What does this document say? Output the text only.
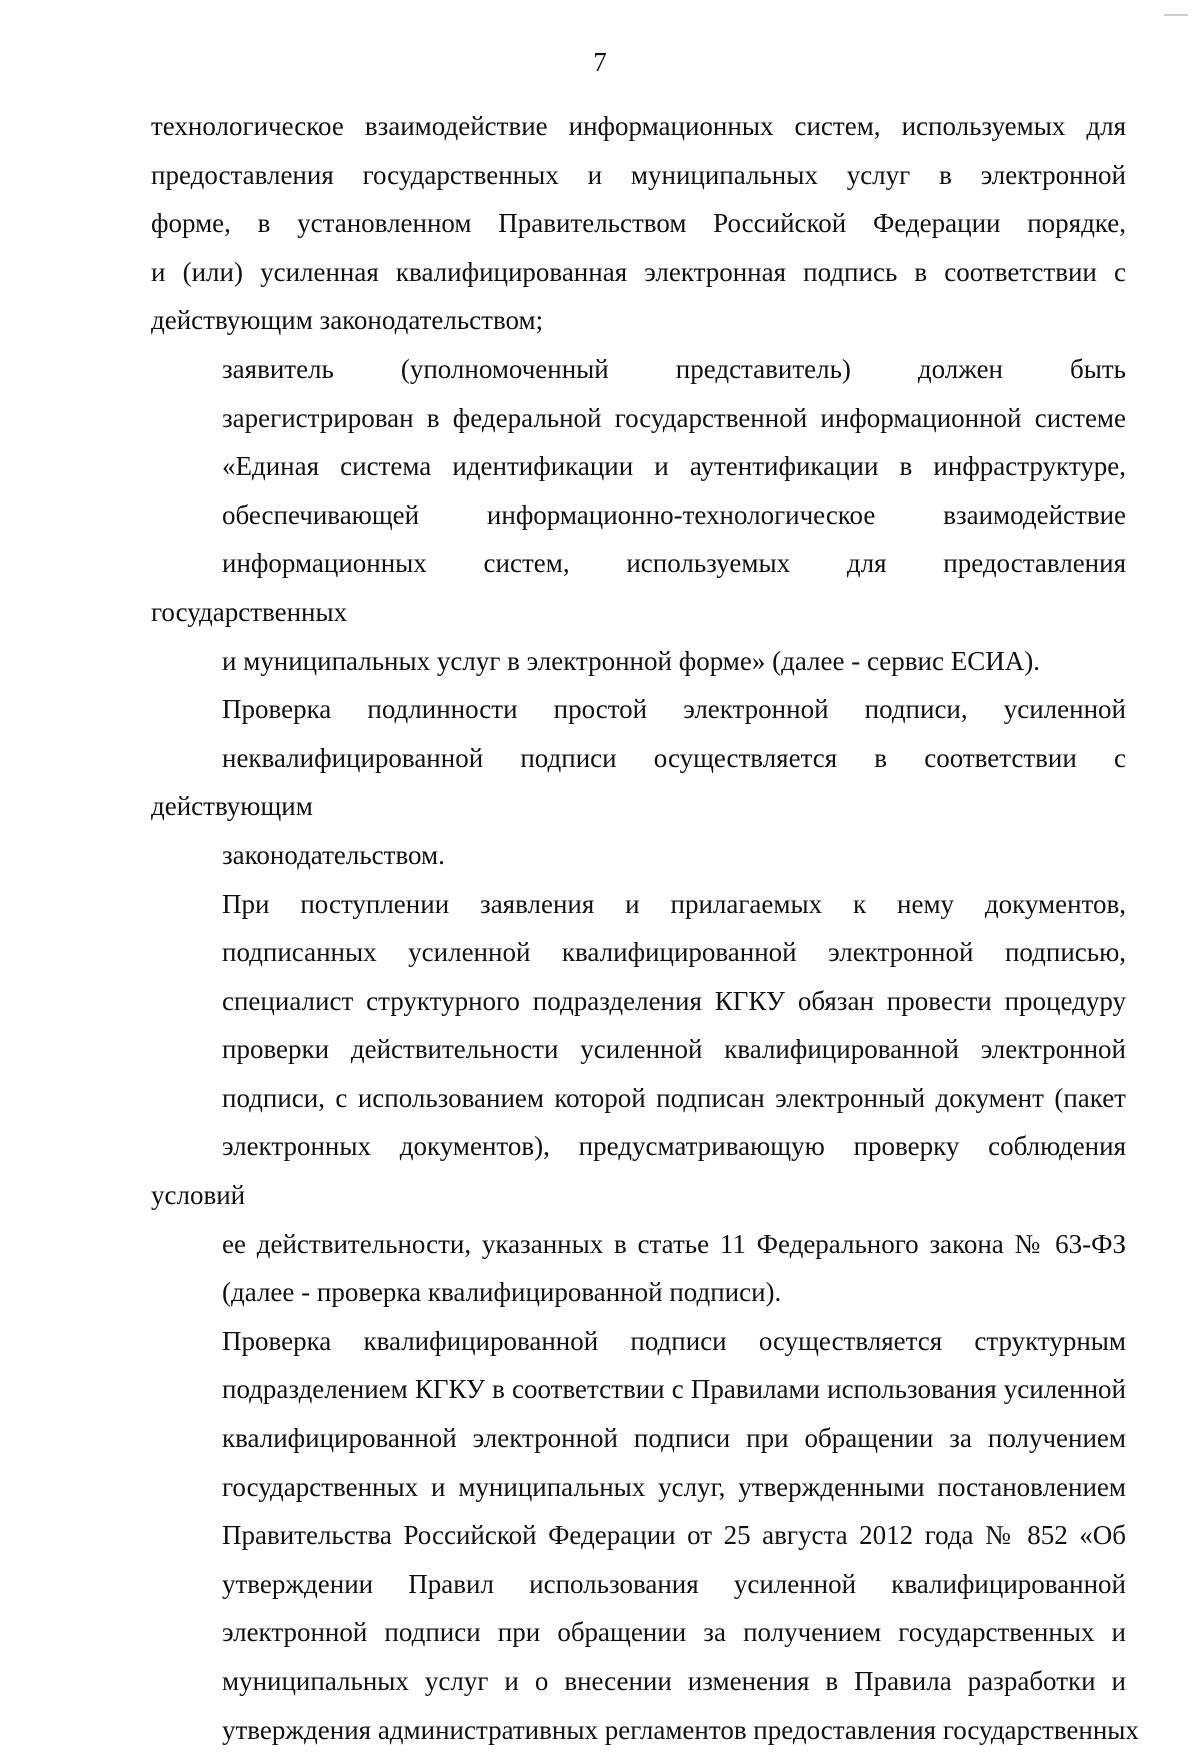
7

технологическое взаимодействие информационных систем, используемых для
предоставления государственных и муниципальных услуг в электронной
форме, в установленном Правительством Российской Федерации порядке,
и (или) усиленная квалифицированная электронная подпись в соответствии с
действующим законодательством;

заявитель (уполномоченный представитель) должен быть
зарегистрирован в федеральной государственной информационной системе
«Единая система идентификации и аутентификации в инфраструктуре,
обеспечивающей информационно-технологическое взаимодействие
информационных систем, используемых для предоставления государственных
и муниципальных услуг в электронной форме» (далее - сервис ЕСИА).

Проверка подлинности простой электронной подписи, усиленной
неквалифицированной подписи осуществляется в соответствии с действующим
законодательством.

При поступлении заявления и прилагаемых к нему документов,
подписанных усиленной квалифицированной электронной подписью,
специалист структурного подразделения КГКУ обязан провести процедуру
проверки действительности усиленной квалифицированной электронной
подписи, с использованием которой подписан электронный документ (пакет
электронных документов), предусматривающую проверку соблюдения условий
ее действительности, указанных в статье 11 Федерального закона № 63-ФЗ
(далее - проверка квалифицированной подписи).

Проверка квалифицированной подписи осуществляется структурным
подразделением КГКУ в соответствии с Правилами использования усиленной
квалифицированной электронной подписи при обращении за получением
государственных и муниципальных услуг, утвержденными постановлением
Правительства Российской Федерации от 25 августа 2012 года № 852 «Об
утверждении Правил использования усиленной квалифицированной
электронной подписи при обращении за получением государственных и
муниципальных услуг и о внесении изменения в Правила разработки и
утверждения административных регламентов предоставления государственных
